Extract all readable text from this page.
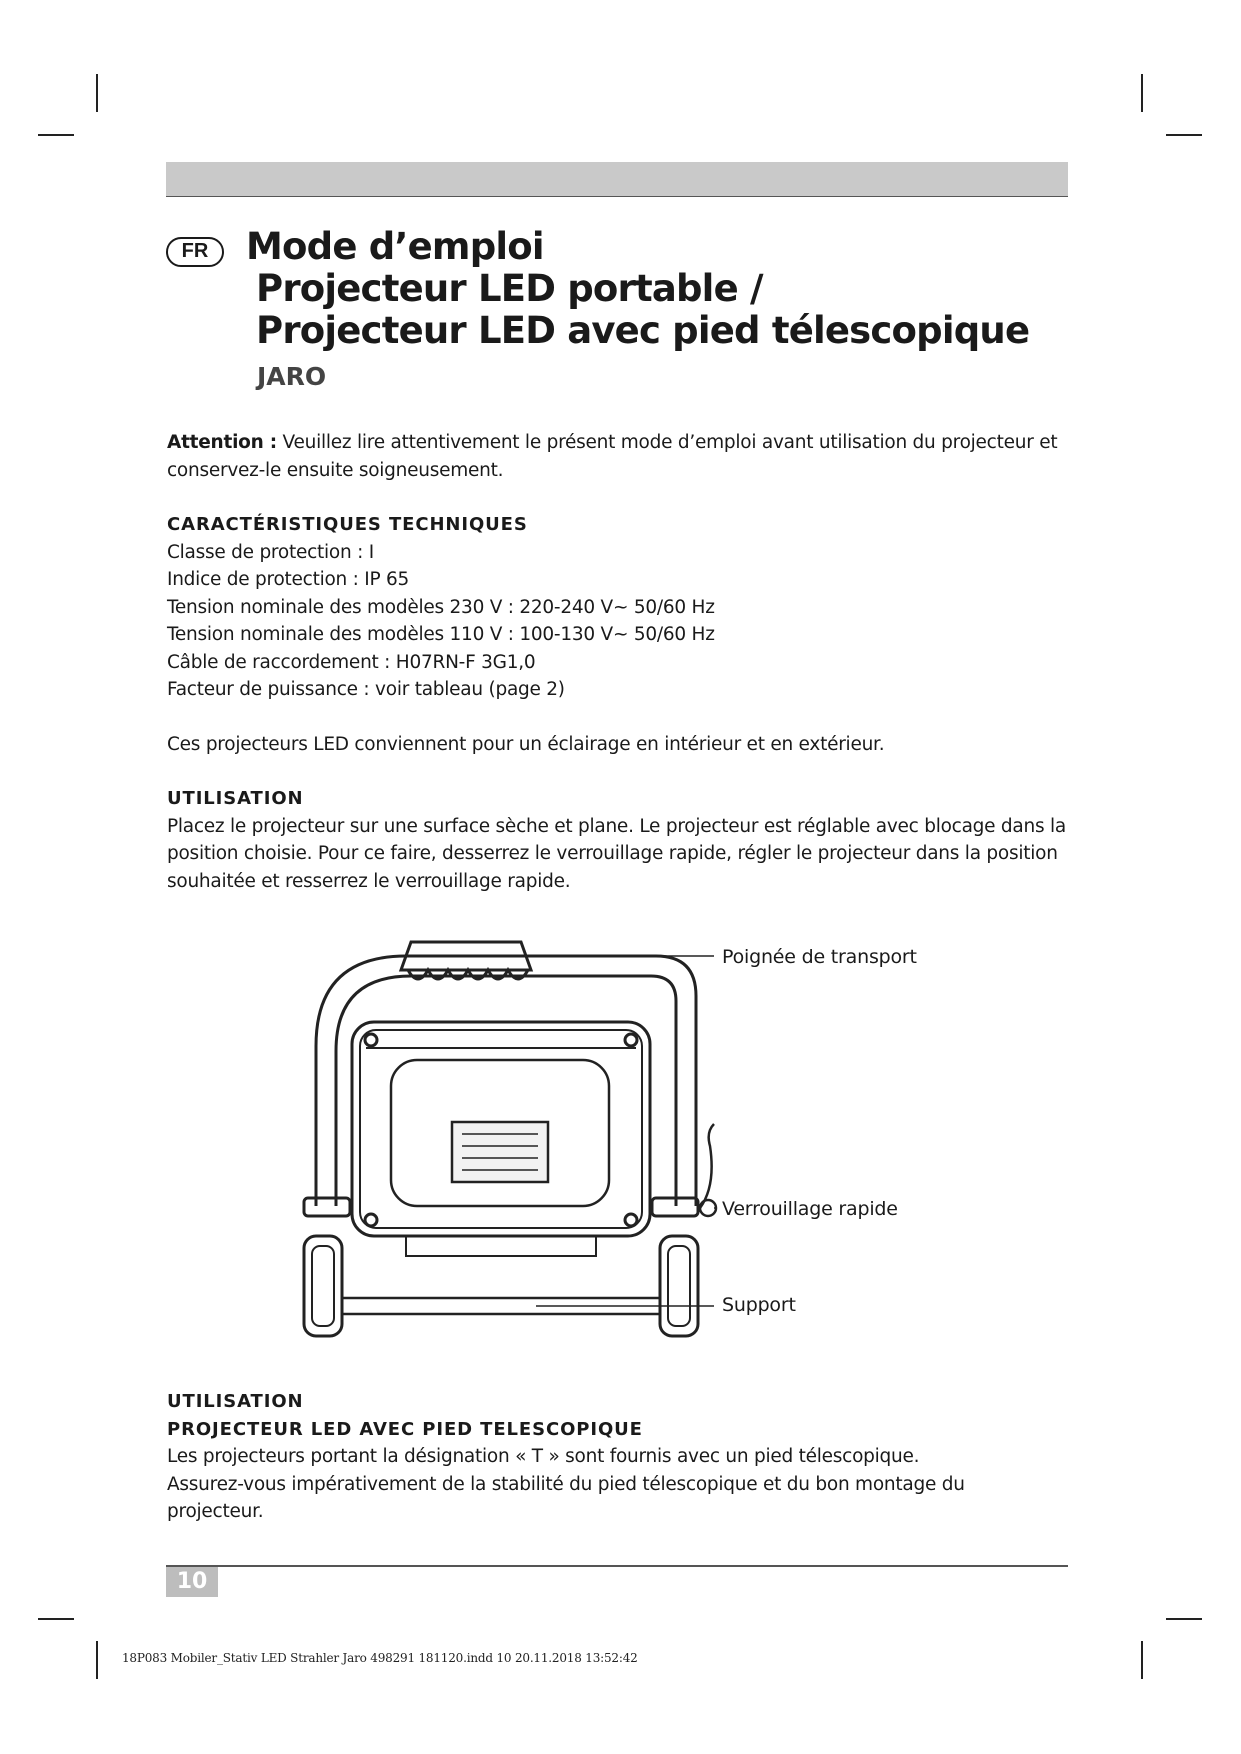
FR	Mode d’emploi
Projecteur LED portable /
Projecteur LED avec pied télescopique
JARO

Attention : Veuillez lire attentivement le présent mode d’emploi avant utilisation du projecteur et conservez-le ensuite soigneusement.

CARACTÉRISTIQUES TECHNIQUES

Classe de protection : I

Indice de protection : IP 65

Tension nominale des modèles 230 V : 220-240 V~ 50/60 Hz

Tension nominale des modèles 110 V : 100-130 V~ 50/60 Hz

Câble de raccordement : H07RN-F 3G1,0

Facteur de puissance : voir tableau (page 2)

Ces projecteurs LED conviennent pour un éclairage en intérieur et en extérieur.

UTILISATION

Placez le projecteur sur une surface sèche et plane. Le projecteur est réglable avec blocage dans la position choisie. Pour ce faire, desserrez le verrouillage rapide, régler le projecteur dans la position souhaitée et resserrez le verrouillage rapide.

Poignée de transport
Verrouillage rapide
Support
UTILISATION
PROJECTEUR LED AVEC PIED TELESCOPIQUE

Les projecteurs portant la désignation « T » sont fournis avec un pied télescopique.

Assurez-vous impérativement de la stabilité du pied télescopique et du bon montage du projecteur.

10
18P083 Mobiler_Stativ LED Strahler Jaro 498291 181120.indd 10 20.11.2018 13:52:42
